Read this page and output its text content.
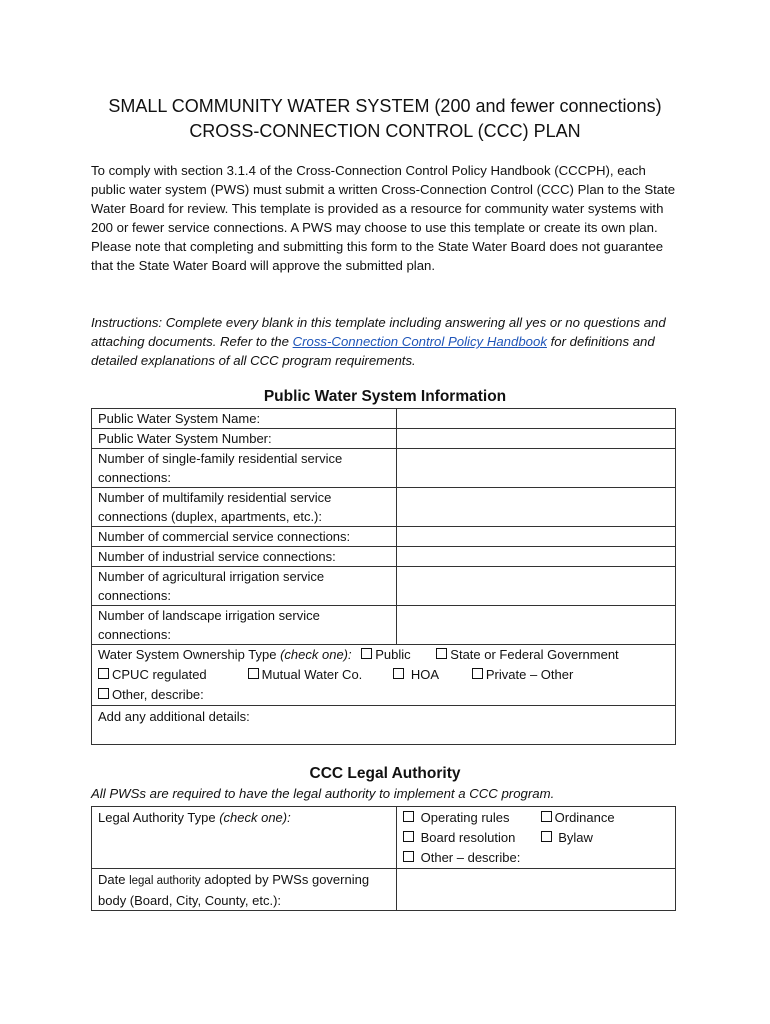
SMALL COMMUNITY WATER SYSTEM (200 and fewer connections)
CROSS-CONNECTION CONTROL (CCC) PLAN
To comply with section 3.1.4 of the Cross-Connection Control Policy Handbook (CCCPH), each public water system (PWS) must submit a written Cross-Connection Control (CCC) Plan to the State Water Board for review. This template is provided as a resource for community water systems with 200 or fewer service connections. A PWS may choose to use this template or create its own plan. Please note that completing and submitting this form to the State Water Board does not guarantee that the State Water Board will approve the submitted plan.
Instructions: Complete every blank in this template including answering all yes or no questions and attaching documents. Refer to the Cross-Connection Control Policy Handbook for definitions and detailed explanations of all CCC program requirements.
Public Water System Information
Public Water System Name:	
Public Water System Number:	
Number of single-family residential service connections:	
Number of multifamily residential service connections (duplex, apartments, etc.):	
Number of commercial service connections:	
Number of industrial service connections:	
Number of agricultural irrigation service connections:	
Number of landscape irrigation service connections:	

Water System Ownership Type (check one): Public State or Federal Government
CPUC regulated Mutual Water Co. HOA Private – Other
Other, describe:	

Add any additional details:	
CCC Legal Authority
All PWSs are required to have the legal authority to implement a CCC program.
Legal Authority Type (check one):	Operating rules Ordinance
Board resolution Bylaw
Other – describe:

Date legal authority adopted by PWSs governing body (Board, City, County, etc.):	
